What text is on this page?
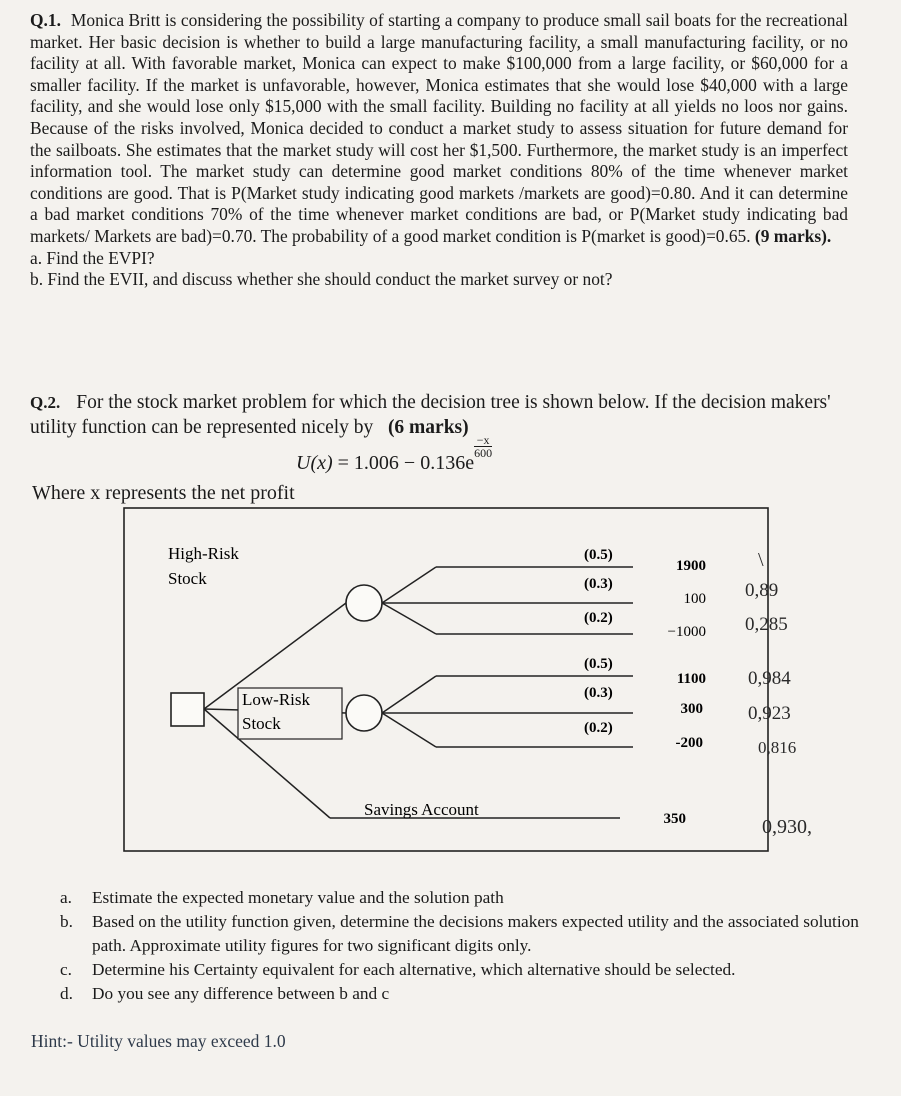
Q.1. Monica Britt is considering the possibility of starting a company to produce small sail boats for the recreational market. Her basic decision is whether to build a large manufacturing facility, a small manufacturing facility, or no facility at all. With favorable market, Monica can expect to make $100,000 from a large facility, or $60,000 for a smaller facility. If the market is unfavorable, however, Monica estimates that she would lose $40,000 with a large facility, and she would lose only $15,000 with the small facility. Building no facility at all yields no loos nor gains. Because of the risks involved, Monica decided to conduct a market study to assess situation for future demand for the sailboats. She estimates that the market study will cost her $1,500. Furthermore, the market study is an imperfect information tool. The market study can determine good market conditions 80% of the time whenever market conditions are good. That is P(Market study indicating good markets /markets are good)=0.80. And it can determine a bad market conditions 70% of the time whenever market conditions are bad, or P(Market study indicating bad markets/ Markets are bad)=0.70. The probability of a good market condition is P(market is good)=0.65. (9 marks).

a. Find the EVPI?

b. Find the EVII, and discuss whether she should conduct the market survey or not?

Q.2. For the stock market problem for which the decision tree is shown below. If the decision makers' utility function can be represented nicely by (6 marks)
U(x) = 1.006 − 0.136e
$\frac{-x}{600}$
Where x represents the net profit
High-Risk
Stock
Low-Risk
Stock
Savings Account
(0.5)
(0.3)
(0.2)
(0.5)
(0.3)
(0.2)
1900
100
−1000
1100
300
-200
350
\
0,89
0,285
0,984
0,923
0,816
0,930,
a.	Estimate the expected monetary value and the solution path
b.	Based on the utility function given, determine the decisions makers expected utility and the associated solution path. Approximate utility figures for two significant digits only.
c.	Determine his Certainty equivalent for each alternative, which alternative should be selected.
d.	Do you see any difference between b and c
Hint:- Utility values may exceed 1.0
